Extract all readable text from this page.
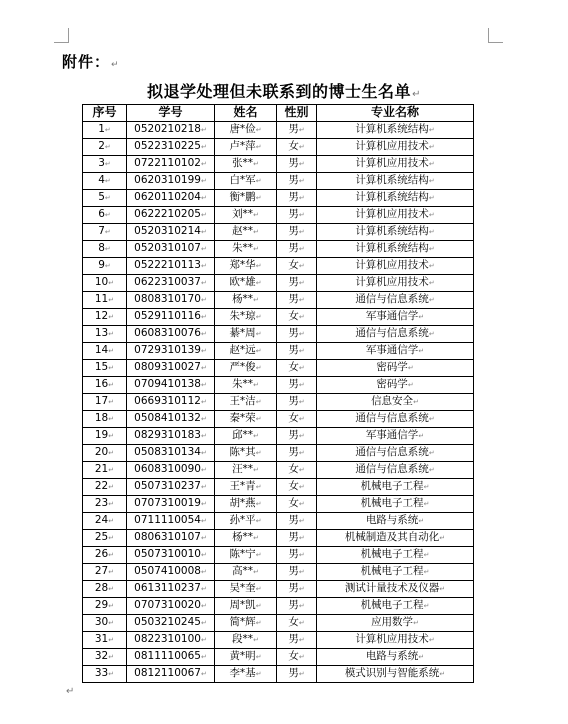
附件：↵
拟退学处理但未联系到的博士生名单↵
序号	学号	姓名	性别	专业名称
1↵	0520210218↵	唐*俭↵	男↵	计算机系统结构↵
2↵	0522310225↵	卢*萍↵	女↵	计算机应用技术↵
3↵	0722110102↵	张**↵	男↵	计算机应用技术↵
4↵	0620310199↵	白*军↵	男↵	计算机系统结构↵
5↵	0620110204↵	衡*鹏↵	男↵	计算机系统结构↵
6↵	0622210205↵	刘**↵	男↵	计算机应用技术↵
7↵	0520310214↵	赵**↵	男↵	计算机系统结构↵
8↵	0520310107↵	朱**↵	男↵	计算机系统结构↵
9↵	0522210113↵	郑*华↵	女↵	计算机应用技术↵
10↵	0622310037↵	欧*雄↵	男↵	计算机应用技术↵
11↵	0808310170↵	杨**↵	男↵	通信与信息系统↵
12↵	0529110116↵	朱*琼↵	女↵	军事通信学↵
13↵	0608310076↵	綦*周↵	男↵	通信与信息系统↵
14↵	0729310139↵	赵*远↵	男↵	军事通信学↵
15↵	0809310027↵	严*俊↵	女↵	密码学↵
16↵	0709410138↵	朱**↵	男↵	密码学↵
17↵	0669310112↵	王*洁↵	男↵	信息安全↵
18↵	0508410132↵	秦*荣↵	女↵	通信与信息系统↵
19↵	0829310183↵	邱**↵	男↵	军事通信学↵
20↵	0508310134↵	陈*其↵	男↵	通信与信息系统↵
21↵	0608310090↵	汪**↵	女↵	通信与信息系统↵
22↵	0507310237↵	王*青↵	女↵	机械电子工程↵
23↵	0707310019↵	胡*燕↵	女↵	机械电子工程↵
24↵	0711110054↵	孙*平↵	男↵	电路与系统↵
25↵	0806310107↵	杨**↵	男↵	机械制造及其自动化↵
26↵	0507310010↵	陈*宁↵	男↵	机械电子工程↵
27↵	0507410008↵	高**↵	男↵	机械电子工程↵
28↵	0613110237↵	吴*奎↵	男↵	测试计量技术及仪器↵
29↵	0707310020↵	周*凯↵	男↵	机械电子工程↵
30↵	0503210245↵	简*辉↵	女↵	应用数学↵
31↵	0822310100↵	段**↵	男↵	计算机应用技术↵
32↵	0811110065↵	黄*明↵	女↵	电路与系统↵
33↵	0812110067↵	李*基↵	男↵	模式识别与智能系统↵
↵
